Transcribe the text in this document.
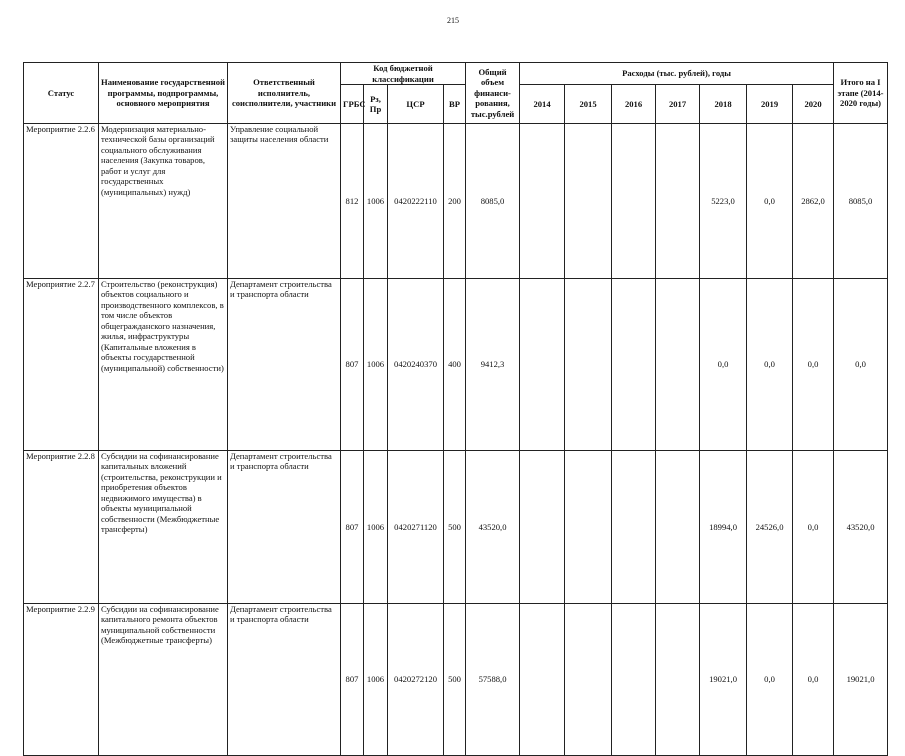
215
Статус	Наименование государственной программы, подпрограммы, основного мероприятия	Ответственный исполнитель, соисполнители, участники	Код бюджетной классификации				Общий объем финанси-рования, тыс.рублей	Расходы (тыс. рублей), годы							Итого на I этапе (2014-2020 годы)
			ГРБС	Рз, Пр	ЦСР	ВР		2014	2015	2016	2017	2018	2019	2020	
Мероприятие 2.2.6	Модернизация материально-технической базы организаций социального обслуживания населения (Закупка товаров, работ и услуг для государственных (муниципальных) нужд)	Управление социальной защиты населения области	812	1006	0420222110	200	8085,0					5223,0	0,0	2862,0	8085,0
Мероприятие 2.2.7	Строительство (реконструкция) объектов социального и производственного комплексов, в том числе объектов общегражданского назначения, жилья, инфраструктуры (Капитальные вложения в объекты государственной (муниципальной) собственности)	Департамент строительства и транспорта области	807	1006	0420240370	400	9412,3					0,0	0,0	0,0	0,0
Мероприятие 2.2.8	Субсидии на софинансирование капитальных вложений (строительства, реконструкции и приобретения объектов недвижимого имущества) в объекты муниципальной собственности (Межбюджетные трансферты)	Департамент строительства и транспорта области	807	1006	0420271120	500	43520,0					18994,0	24526,0	0,0	43520,0
Мероприятие 2.2.9	Субсидии на софинансирование капитального ремонта объектов муниципальной собственности (Межбюджетные трансферты)	Департамент строительства и транспорта области	807	1006	0420272120	500	57588,0					19021,0	0,0	0,0	19021,0
